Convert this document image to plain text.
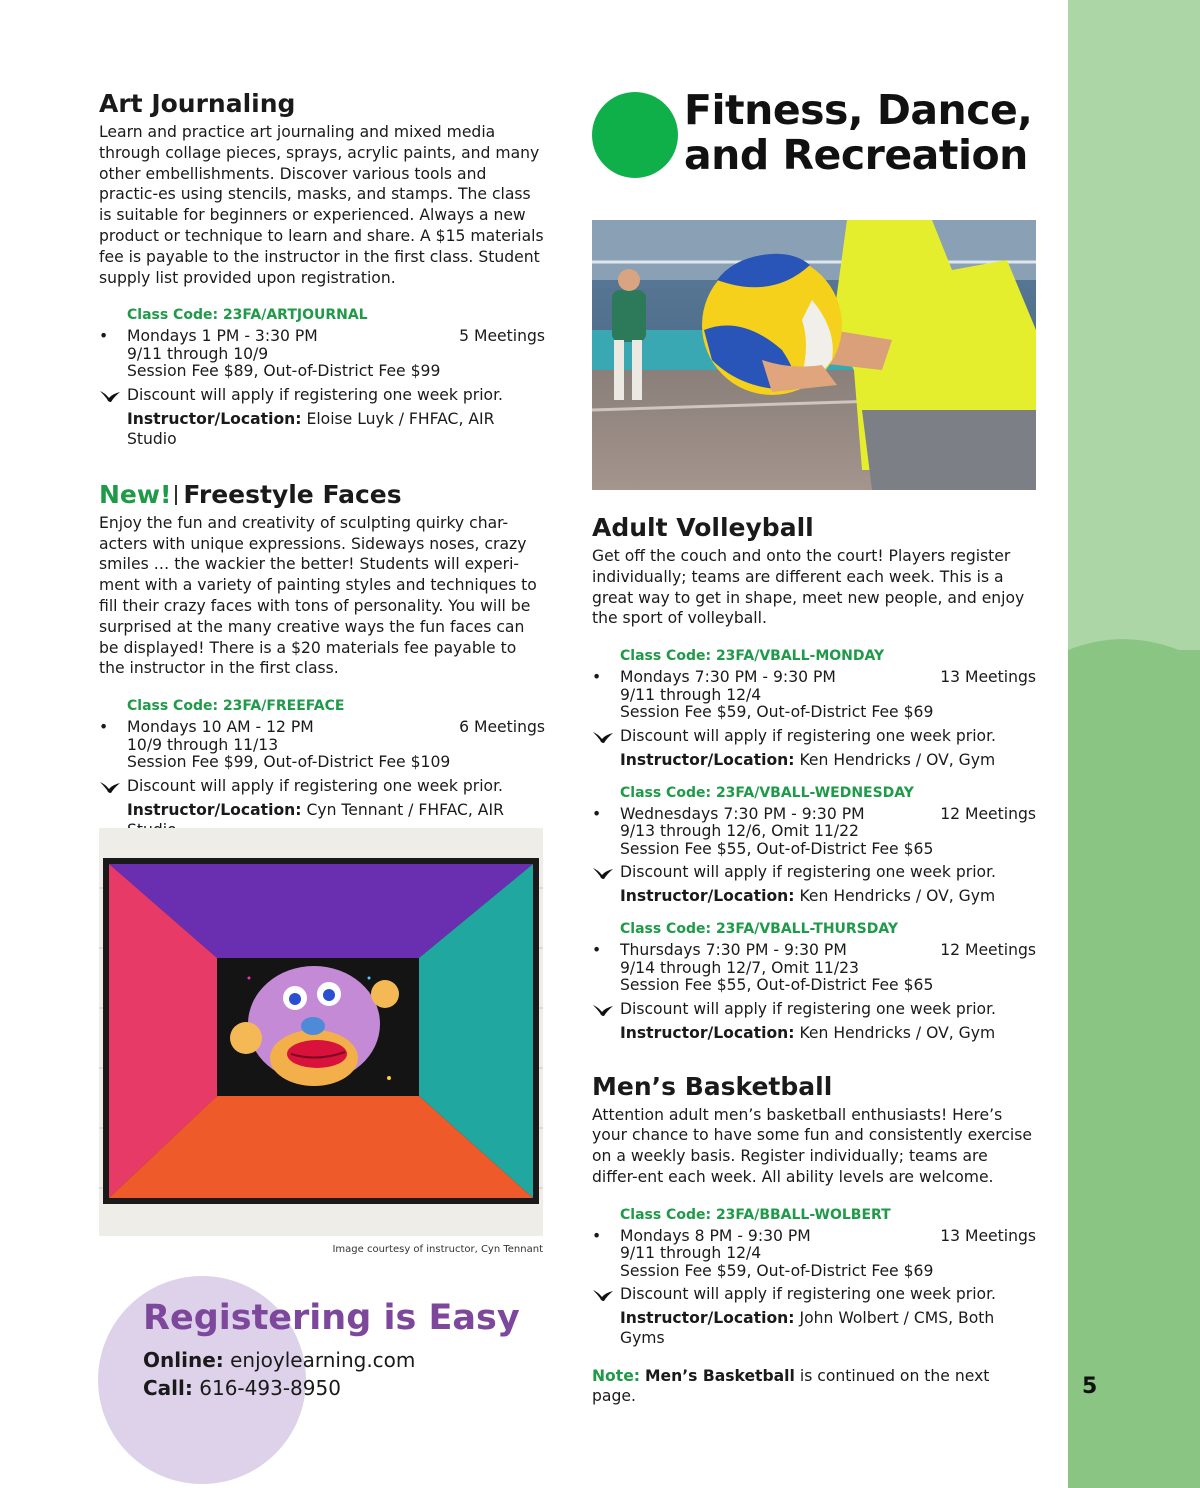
5
Art Journaling

Learn and practice art journaling and mixed media through collage pieces, sprays, acrylic paints, and many other embellishments. Discover various tools and practic-es using stencils, masks, and stamps. The class is suitable for beginners or experienced. Always a new product or technique to learn and share. A $15 materials fee is payable to the instructor in the first class. Student supply list provided upon registration.

Class Code: 23FA/ARTJOURNAL

•	Mondays 1 PM - 3:30 PM	5 Meetings
9/11 through 10/9
Session Fee $89, Out-of-District Fee $99
Discount will apply if registering one week prior.
Instructor/Location: Eloise Luyk / FHFAC, AIR Studio
New! Freestyle Faces

Enjoy the fun and creativity of sculpting quirky char-acters with unique expressions. Sideways noses, crazy smiles … the wackier the better! Students will experi-ment with a variety of painting styles and techniques to fill their crazy faces with tons of personality. You will be surprised at the many creative ways the fun faces can be displayed! There is a $20 materials fee payable to the instructor in the first class.

Class Code: 23FA/FREEFACE

•	Mondays 10 AM - 12 PM	6 Meetings
10/9 through 11/13
Session Fee $99, Out-of-District Fee $109
Discount will apply if registering one week prior.
Instructor/Location: Cyn Tennant / FHFAC, AIR
Image courtesy of instructor, Cyn Tennant
Registering is Easy
Online: enjoylearning.com
Call: 616-493-8950
Fitness, Dance,
and Recreation
Adult Volleyball

Get off the couch and onto the court! Players register individually; teams are different each week. This is a great way to get in shape, meet new people, and enjoy the sport of volleyball.

Class Code: 23FA/VBALL-MONDAY

•	Mondays 7:30 PM - 9:30 PM	13 Meetings
9/11 through 12/4
Session Fee $59, Out-of-District Fee $69
Discount will apply if registering one week prior.
Instructor/Location: Ken Hendricks / OV, Gym

Class Code: 23FA/VBALL-WEDNESDAY

•	Wednesdays 7:30 PM - 9:30 PM	12 Meetings
9/13 through 12/6, Omit 11/22
Session Fee $55, Out-of-District Fee $65
Discount will apply if registering one week prior.
Instructor/Location: Ken Hendricks / OV, Gym

Class Code: 23FA/VBALL-THURSDAY

•	Thursdays 7:30 PM - 9:30 PM	12 Meetings
9/14 through 12/7, Omit 11/23
Session Fee $55, Out-of-District Fee $65
Discount will apply if registering one week prior.
Instructor/Location: Ken Hendricks / OV, Gym
Men’s Basketball

Attention adult men’s basketball enthusiasts! Here’s your chance to have some fun and consistently exercise on a weekly basis. Register individually; teams are differ-ent each week. All ability levels are welcome.

Class Code: 23FA/BBALL-WOLBERT

•	Mondays 8 PM - 9:30 PM	13 Meetings
9/11 through 12/4
Session Fee $59, Out-of-District Fee $69
Discount will apply if registering one week prior.
Instructor/Location: John Wolbert / CMS, Both Gyms
Note: Men’s Basketball is continued on the next page.
